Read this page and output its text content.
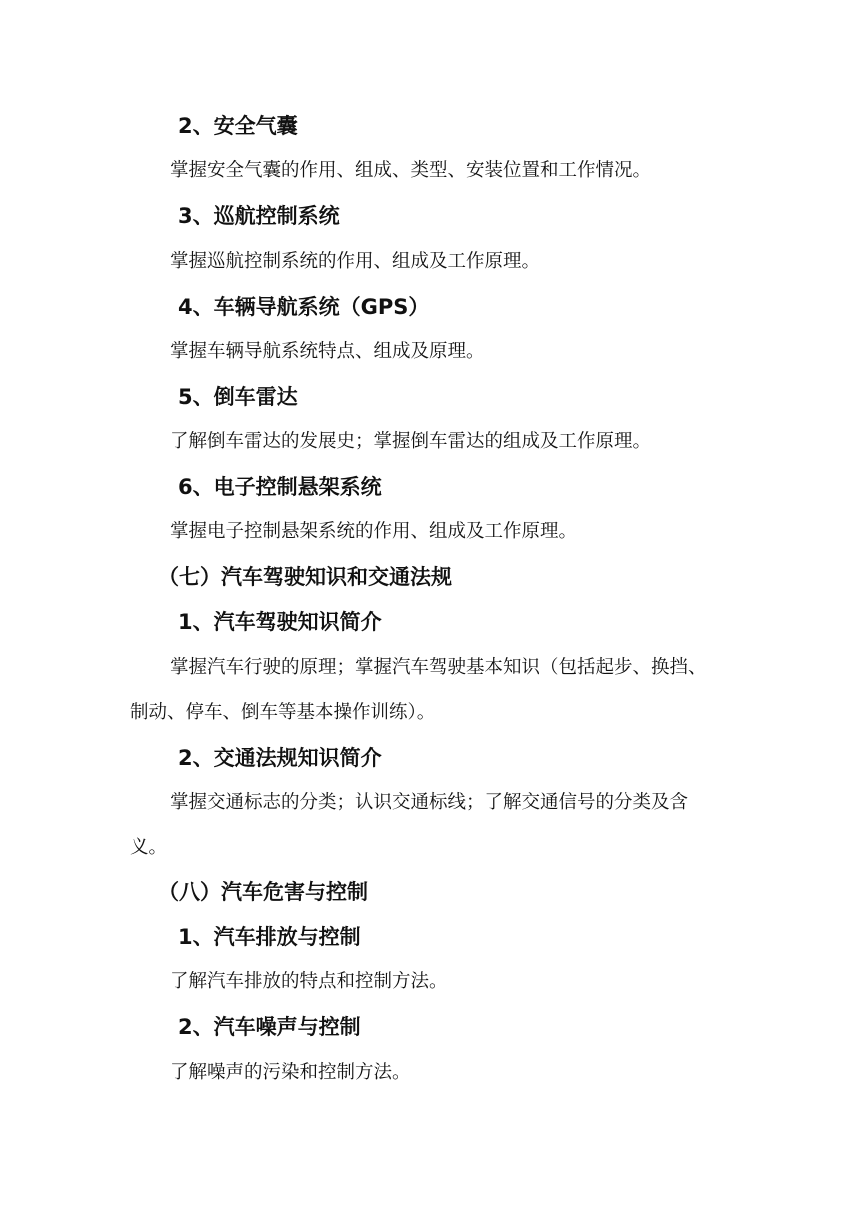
2、安全气囊
掌握安全气囊的作用、组成、类型、安装位置和工作情况。
3、巡航控制系统
掌握巡航控制系统的作用、组成及工作原理。
4、车辆导航系统（GPS）
掌握车辆导航系统特点、组成及原理。
5、倒车雷达
了解倒车雷达的发展史；掌握倒车雷达的组成及工作原理。
6、电子控制悬架系统
掌握电子控制悬架系统的作用、组成及工作原理。
（七）汽车驾驶知识和交通法规
1、汽车驾驶知识简介
掌握汽车行驶的原理；掌握汽车驾驶基本知识（包括起步、换挡、
制动、停车、倒车等基本操作训练）。
2、交通法规知识简介
掌握交通标志的分类；认识交通标线；了解交通信号的分类及含
义。
（八）汽车危害与控制
1、汽车排放与控制
了解汽车排放的特点和控制方法。
2、汽车噪声与控制
了解噪声的污染和控制方法。
